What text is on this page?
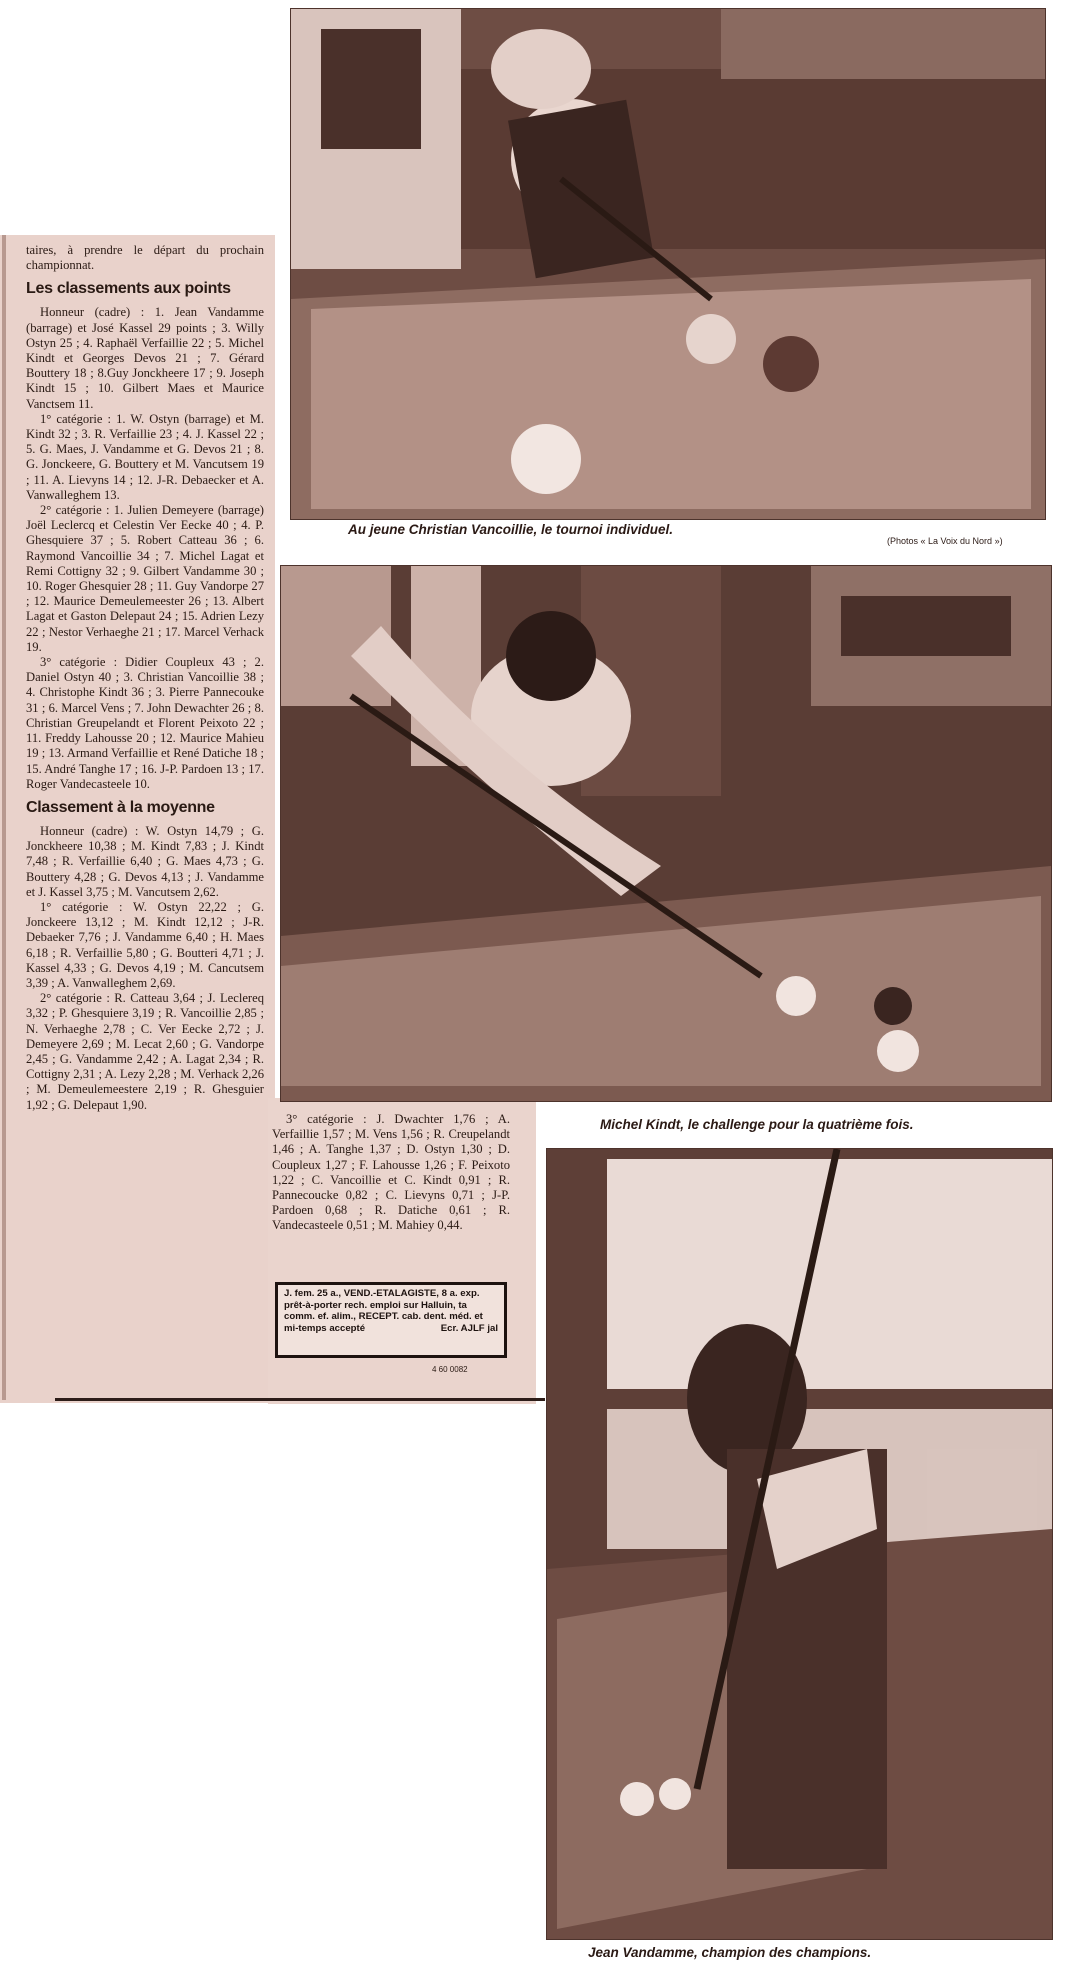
Au jeune Christian Vancoillie, le tournoi individuel.
(Photos « La Voix du Nord »)
Michel Kindt, le challenge pour la quatrième fois.
Jean Vandamme, champion des champions.

taires, à prendre le départ du prochain championnat.

Les classements aux points

Honneur (cadre) : 1. Jean Vandamme (barrage) et José Kassel 29 points ; 3. Willy Ostyn 25 ; 4. Raphaël Verfaillie 22 ; 5. Michel Kindt et Georges Devos 21 ; 7. Gérard Bouttery 18 ; 8.Guy Jonckheere 17 ; 9. Joseph Kindt 15 ; 10. Gilbert Maes et Maurice Vanctsem 11.

1° catégorie : 1. W. Ostyn (barrage) et M. Kindt 32 ; 3. R. Verfaillie 23 ; 4. J. Kassel 22 ; 5. G. Maes, J. Vandamme et G. Devos 21 ; 8. G. Jonckeere, G. Bouttery et M. Vancutsem 19 ; 11. A. Lievyns 14 ; 12. J-R. Debaecker et A. Vanwalleghem 13.

2° catégorie : 1. Julien Demeyere (barrage) Joël Leclercq et Celestin Ver Eecke 40 ; 4. P. Ghesquiere 37 ; 5. Robert Catteau 36 ; 6. Raymond Vancoillie 34 ; 7. Michel Lagat et Remi Cottigny 32 ; 9. Gilbert Vandamme 30 ; 10. Roger Ghesquier 28 ; 11. Guy Vandorpe 27 ; 12. Maurice Demeulemeester 26 ; 13. Albert Lagat et Gaston Delepaut 24 ; 15. Adrien Lezy 22 ; Nestor Verhaeghe 21 ; 17. Marcel Verhack 19.

3° catégorie : Didier Coupleux 43 ; 2. Daniel Ostyn 40 ; 3. Christian Vancoillie 38 ; 4. Christophe Kindt 36 ; 3. Pierre Pannecouke 31 ; 6. Marcel Vens ; 7. John Dewachter 26 ; 8. Christian Greupelandt et Florent Peixoto 22 ; 11. Freddy Lahousse 20 ; 12. Maurice Mahieu 19 ; 13. Armand Verfaillie et René Datiche 18 ; 15. André Tanghe 17 ; 16. J-P. Pardoen 13 ; 17. Roger Vandecasteele 10.

Classement à la moyenne

Honneur (cadre) : W. Ostyn 14,79 ; G. Jonckheere 10,38 ; M. Kindt 7,83 ; J. Kindt 7,48 ; R. Verfaillie 6,40 ; G. Maes 4,73 ; G. Bouttery 4,28 ; G. Devos 4,13 ; J. Vandamme et J. Kassel 3,75 ; M. Vancutsem 2,62.

1° catégorie : W. Ostyn 22,22 ; G. Jonckeere 13,12 ; M. Kindt 12,12 ; J-R. Debaeker 7,76 ; J. Vandamme 6,40 ; H. Maes 6,18 ; R. Verfaillie 5,80 ; G. Boutteri 4,71 ; J. Kassel 4,33 ; G. Devos 4,19 ; M. Cancutsem 3,39 ; A. Vanwalleghem 2,69.

2° catégorie : R. Catteau 3,64 ; J. Leclereq 3,32 ; P. Ghesquiere 3,19 ; R. Vancoillie 2,85 ; N. Verhaeghe 2,78 ; C. Ver Eecke 2,72 ; J. Demeyere 2,69 ; M. Lecat 2,60 ; G. Vandorpe 2,45 ; G. Vandamme 2,42 ; A. Lagat 2,34 ; R. Cottigny 2,31 ; A. Lezy 2,28 ; M. Verhack 2,26 ; M. Demeulemeestere 2,19 ; R. Ghesguier 1,92 ; G. Delepaut 1,90.

3° catégorie : J. Dwachter 1,76 ; A. Verfaillie 1,57 ; M. Vens 1,56 ; R. Creupelandt 1,46 ; A. Tanghe 1,37 ; D. Ostyn 1,30 ; D. Coupleux 1,27 ; F. Lahousse 1,26 ; F. Peixoto 1,22 ; C. Vancoillie et C. Kindt 0,91 ; R. Pannecoucke 0,82 ; C. Lievyns 0,71 ; J-P. Pardoen 0,68 ; R. Datiche 0,61 ; R. Vandecasteele 0,51 ; M. Mahiey 0,44.

J. fem. 25 a., VEND.-ETALAGISTE, 8 a. exp. prêt-à-porter rech. emploi sur Halluin, ta comm. ef. alim., RECEPT. cab. dent. méd. et mi-temps accepté	Ecr. AJLF jal
4 60 0082
